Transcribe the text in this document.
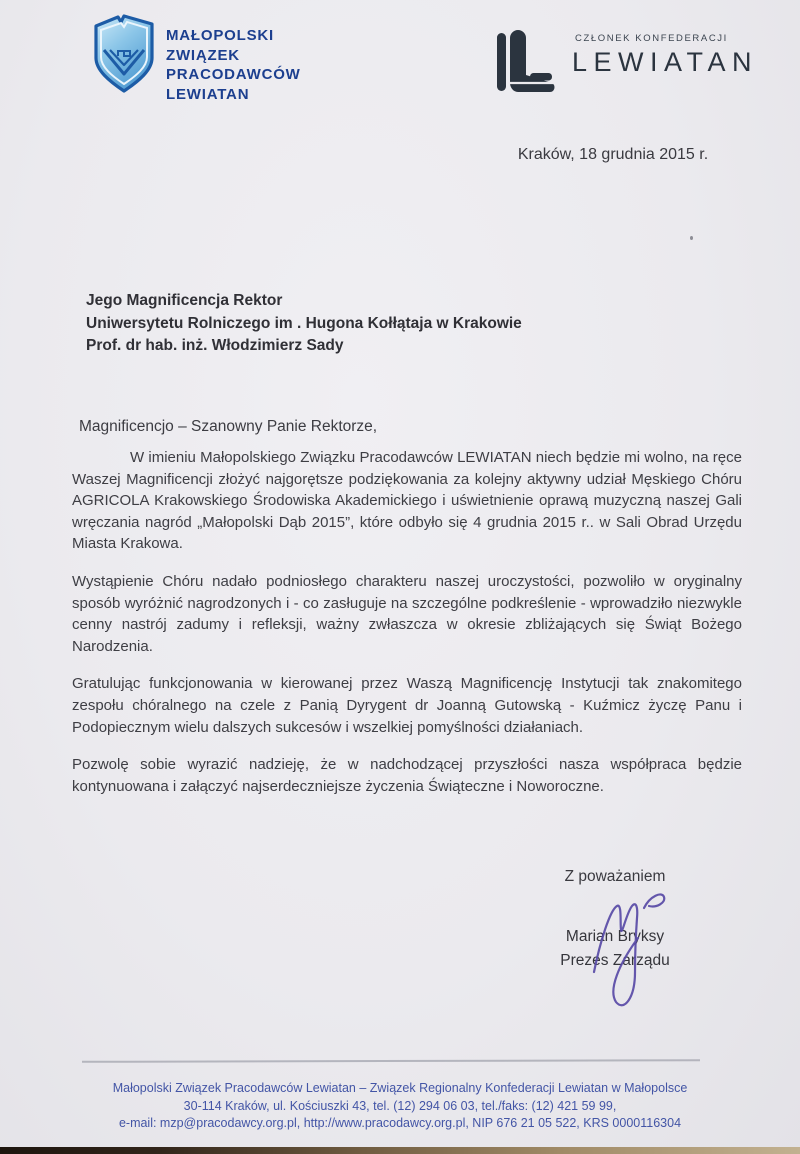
MAŁOPOLSKI
ZWIĄZEK
PRACODAWCÓW
LEWIATAN
CZŁONEK KONFEDERACJI
LEWIATAN
Kraków, 18 grudnia 2015 r.
Jego Magnificencja Rektor
Uniwersytetu Rolniczego im . Hugona Kołłątaja w Krakowie
Prof. dr hab. inż. Włodzimierz Sady
Magnificencjo – Szanowny Panie Rektorze,

W imieniu Małopolskiego Związku Pracodawców LEWIATAN niech będzie mi wolno, na ręce Waszej Magnificencji złożyć najgorętsze podziękowania za kolejny aktywny udział Męskiego Chóru AGRICOLA Krakowskiego Środowiska Akademickiego i uświetnienie oprawą muzyczną naszej Gali wręczania nagród „Małopolski Dąb 2015”, które odbyło się 4 grudnia 2015 r.. w Sali Obrad Urzędu Miasta Krakowa.

Wystąpienie Chóru nadało podniosłego charakteru naszej uroczystości, pozwoliło w oryginalny sposób wyróżnić nagrodzonych i - co zasługuje na szczególne podkreślenie - wprowadziło niezwykle cenny nastrój zadumy i refleksji, ważny zwłaszcza w okresie zbliżających się Świąt Bożego Narodzenia.

Gratulując funkcjonowania w kierowanej przez Waszą Magnificencję Instytucji tak znakomitego zespołu chóralnego na czele z Panią Dyrygent dr Joanną Gutowską - Kuźmicz życzę Panu i Podopiecznym wielu dalszych sukcesów i wszelkiej pomyślności działaniach.

Pozwolę sobie wyrazić nadzieję, że w nadchodzącej przyszłości nasza współpraca będzie kontynuowana i załączyć najserdeczniejsze życzenia Świąteczne i Noworoczne.

Z poważaniem
Marian Bryksy
Prezes Zarządu
Małopolski Związek Pracodawców Lewiatan – Związek Regionalny Konfederacji Lewiatan w Małopolsce
30-114 Kraków, ul. Kościuszki 43, tel. (12) 294 06 03, tel./faks: (12) 421 59 99,
e-mail: mzp@pracodawcy.org.pl, http://www.pracodawcy.org.pl, NIP 676 21 05 522, KRS 0000116304
